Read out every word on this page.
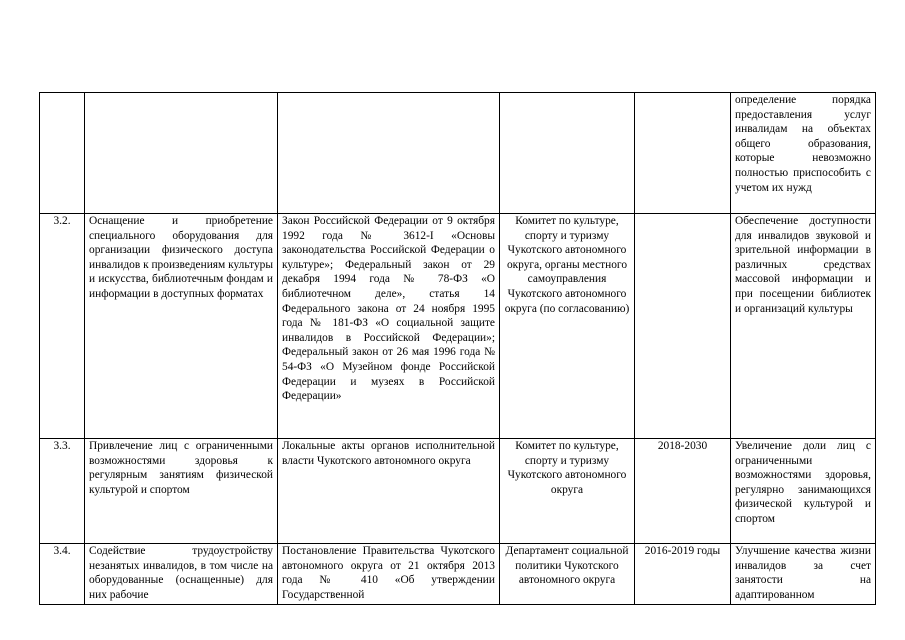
					определение порядка предоставления услуг инвалидам на объектах общего образования, которые невозможно полностью приспособить с учетом их нужд
3.2.	Оснащение и приобретение специального оборудования для организации физического доступа инвалидов к произведениям культуры и искусства, библиотечным фондам и информации в доступных форматах	Закон Российской Федерации от 9 октября 1992 года № 3612-I «Основы законодательства Российской Федерации о культуре»; Федеральный закон от 29 декабря 1994 года № 78-ФЗ «О библиотечном деле», статья 14 Федерального закона от 24 ноября 1995 года № 181-ФЗ «О социальной защите инвалидов в Российской Федерации»; Федеральный закон от 26 мая 1996 года № 54-ФЗ «О Музейном фонде Российской Федерации и музеях в Российской Федерации»	Комитет по культуре, спорту и туризму Чукотского автономного округа, органы местного самоуправления Чукотского автономного округа (по согласованию)		Обеспечение доступности для инвалидов звуковой и зрительной информации в различных средствах массовой информации и при посещении библиотек и организаций культуры
3.3.	Привлечение лиц с ограниченными возможностями здоровья к регулярным занятиям физической культурой и спортом	Локальные акты органов исполнительной власти Чукотского автономного округа	Комитет по культуре, спорту и туризму Чукотского автономного округа	2018-2030	Увеличение доли лиц с ограниченными возможностями здоровья, регулярно занимающихся физической культурой и спортом
3.4.	Содействие трудоустройству незанятых инвалидов, в том числе на оборудованные (оснащенные) для них рабочие	Постановление Правительства Чукотского автономного округа от 21 октября 2013 года № 410 «Об утверждении Государственной	Департамент социальной политики Чукотского автономного округа	2016-2019 годы	Улучшение качества жизни инвалидов за счет занятости на адаптированном
